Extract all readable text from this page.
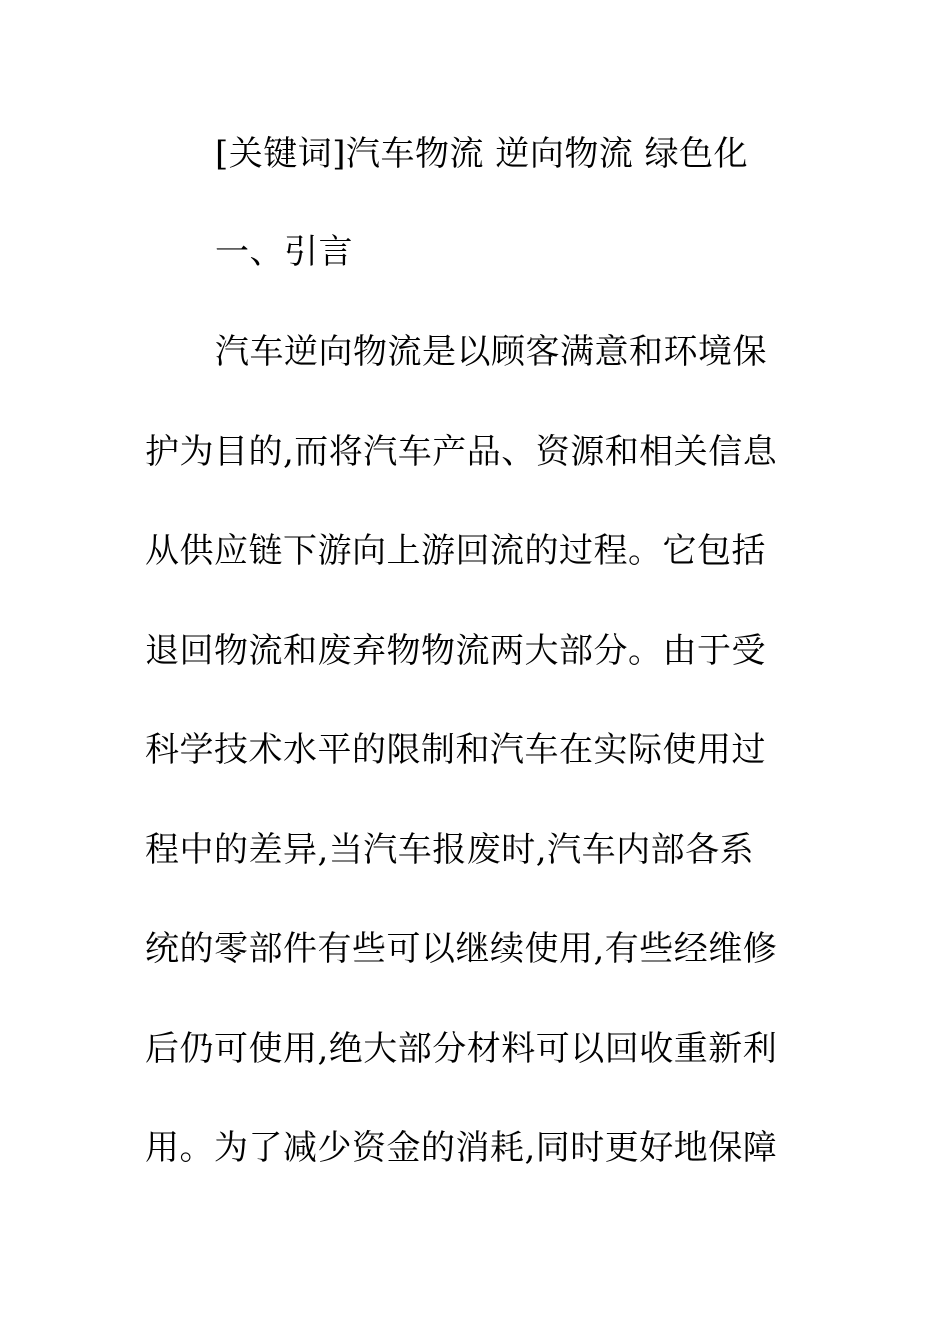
[关键词]汽车物流 逆向物流 绿色化
一、引言
汽车逆向物流是以顾客满意和环境保
护为目的,而将汽车产品、资源和相关信息
从供应链下游向上游回流的过程。它包括
退回物流和废弃物物流两大部分。由于受
科学技术水平的限制和汽车在实际使用过
程中的差异,当汽车报废时,汽车内部各系
统的零部件有些可以继续使用,有些经维修
后仍可使用,绝大部分材料可以回收重新利
用。为了减少资金的消耗,同时更好地保障
